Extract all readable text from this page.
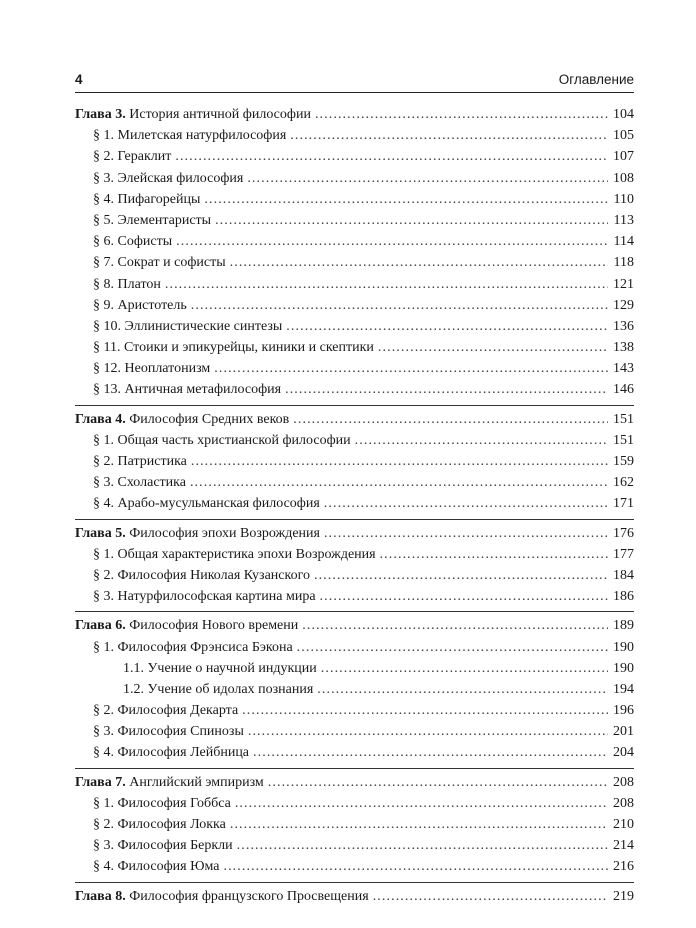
4	Оглавление
Глава 3. История античной философии . . .	104
§ 1. Милетская натурфилософия . . .	105
§ 2. Гераклит . . .	107
§ 3. Элейская философия . . .	108
§ 4. Пифагорейцы . . .	110
§ 5. Элементаристы . . .	113
§ 6. Софисты . . .	114
§ 7. Сократ и софисты . . .	118
§ 8. Платон . . .	121
§ 9. Аристотель . . .	129
§ 10. Эллинистические синтезы . . .	136
§ 11. Стоики и эпикурейцы, киники и скептики . . .	138
§ 12. Неоплатонизм . . .	143
§ 13. Античная метафилософия . . .	146
Глава 4. Философия Средних веков . . .	151
§ 1. Общая часть христианской философии . . .	151
§ 2. Патристика . . .	159
§ 3. Схоластика . . .	162
§ 4. Арабо-мусульманская философия . . .	171
Глава 5. Философия эпохи Возрождения . . .	176
§ 1. Общая характеристика эпохи Возрождения . . .	177
§ 2. Философия Николая Кузанского . . .	184
§ 3. Натурфилософская картина мира . . .	186
Глава 6. Философия Нового времени . . .	189
§ 1. Философия Фрэнсиса Бэкона . . .	190
1.1. Учение о научной индукции . . .	190
1.2. Учение об идолах познания . . .	194
§ 2. Философия Декарта . . .	196
§ 3. Философия Спинозы . . .	201
§ 4. Философия Лейбница . . .	204
Глава 7. Английский эмпиризм . . .	208
§ 1. Философия Гоббса . . .	208
§ 2. Философия Локка . . .	210
§ 3. Философия Беркли . . .	214
§ 4. Философия Юма . . .	216
Глава 8. Философия французского Просвещения . . .	219
